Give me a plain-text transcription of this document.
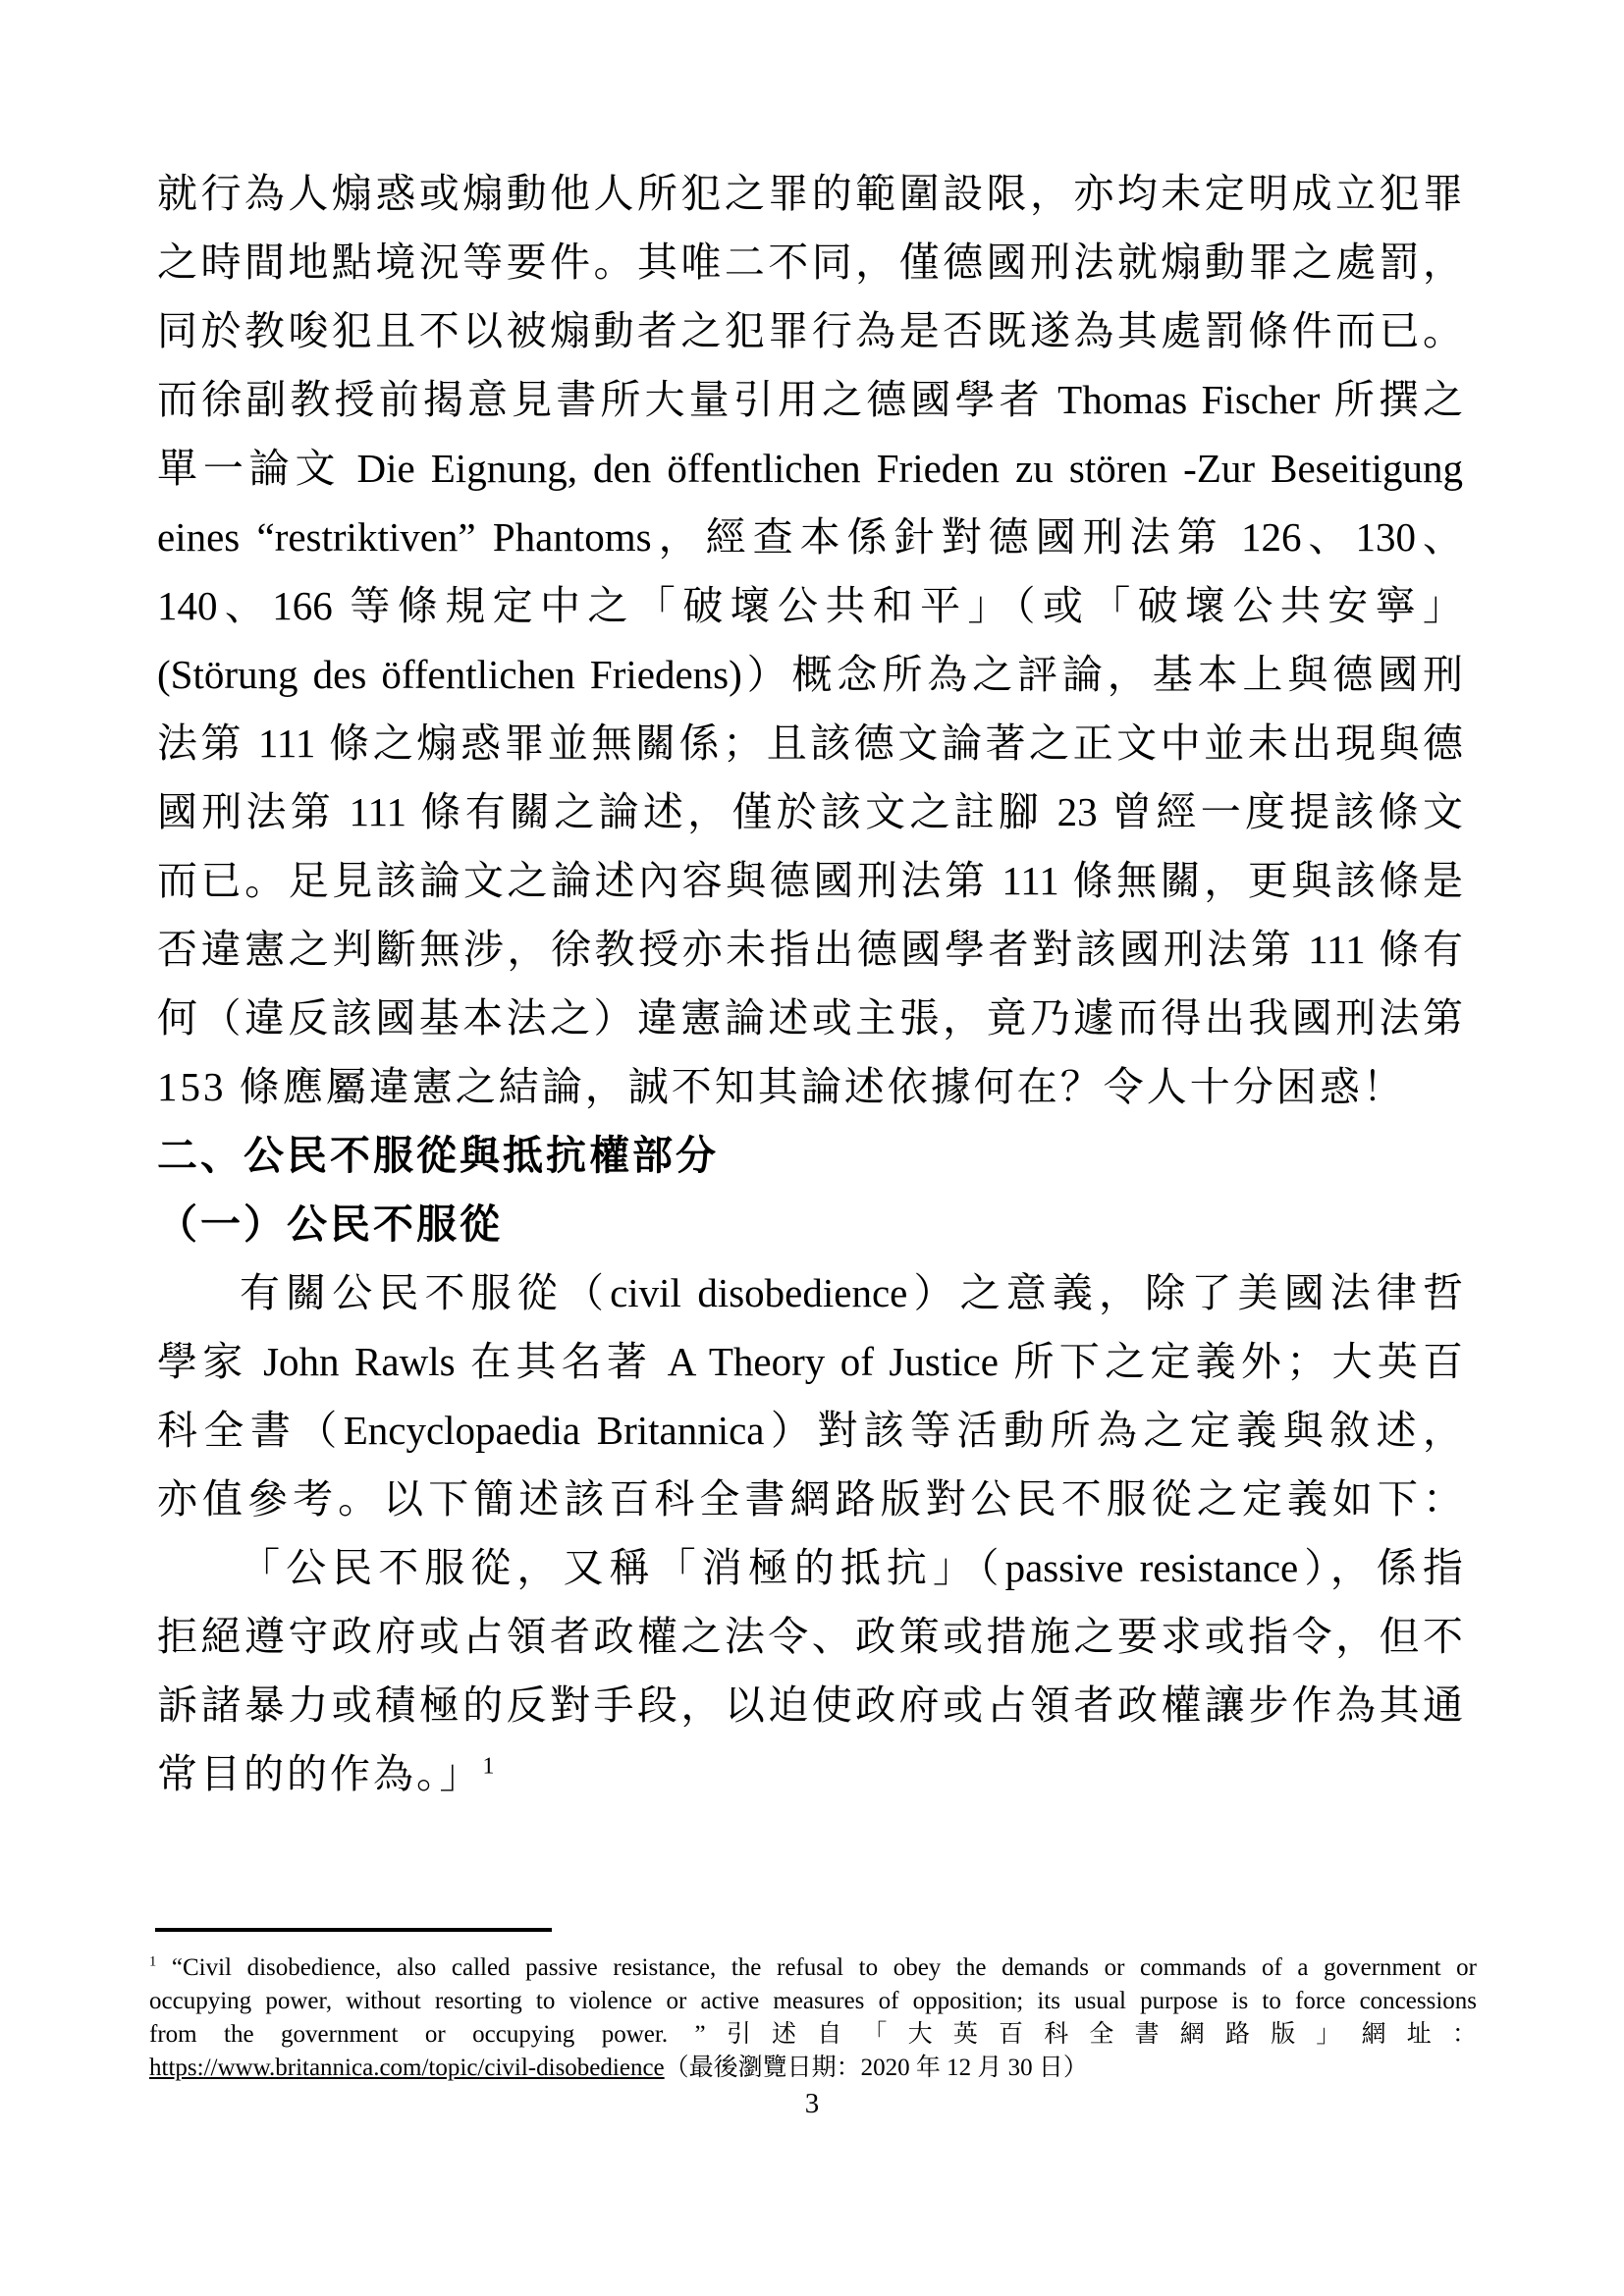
就行為人煽惑或煽動他人所犯之罪的範圍設限，亦均未定明成立犯罪
之時間地點境況等要件。其唯二不同，僅德國刑法就煽動罪之處罰，
同於教唆犯且不以被煽動者之犯罪行為是否既遂為其處罰條件而已。
而徐副教授前揭意見書所大量引用之德國學者 Thomas Fischer 所撰之
單一論文 Die Eignung, den öffentlichen Frieden zu stören -Zur Beseitigung
eines “restriktiven” Phantoms，經查本係針對德國刑法第 126、130、
140、166 等條規定中之「破壞公共和平」（或「破壞公共安寧」
(Störung des öffentlichen Friedens)）概念所為之評論，基本上與德國刑
法第 111 條之煽惑罪並無關係；且該德文論著之正文中並未出現與德
國刑法第 111 條有關之論述，僅於該文之註腳 23 曾經一度提該條文
而已。足見該論文之論述內容與德國刑法第 111 條無關，更與該條是
否違憲之判斷無涉，徐教授亦未指出德國學者對該國刑法第 111 條有
何（違反該國基本法之）違憲論述或主張，竟乃遽而得出我國刑法第
153 條應屬違憲之結論，誠不知其論述依據何在？令人十分困惑！
二、公民不服從與抵抗權部分
（一）公民不服從
有關公民不服從（civil disobedience）之意義，除了美國法律哲
學家 John Rawls 在其名著 A Theory of Justice 所下之定義外；大英百
科全書（Encyclopaedia Britannica）對該等活動所為之定義與敘述，
亦值參考。以下簡述該百科全書網路版對公民不服從之定義如下：
「公民不服從，又稱「消極的抵抗」（passive resistance），係指
拒絕遵守政府或占領者政權之法令、政策或措施之要求或指令，但不
訴諸暴力或積極的反對手段，以迫使政府或占領者政權讓步作為其通
常目的的作為。」$^1$
$^1$ “Civil disobedience, also called passive resistance, the refusal to obey the demands or commands of a government or
occupying power, without resorting to violence or active measures of opposition; its usual purpose is to force concessions
from the government or occupying power. ”引述自「大英百科全書網路版」網址：
https://www.britannica.com/topic/civil-disobedience（最後瀏覽日期：2020 年 12 月 30 日）
3
